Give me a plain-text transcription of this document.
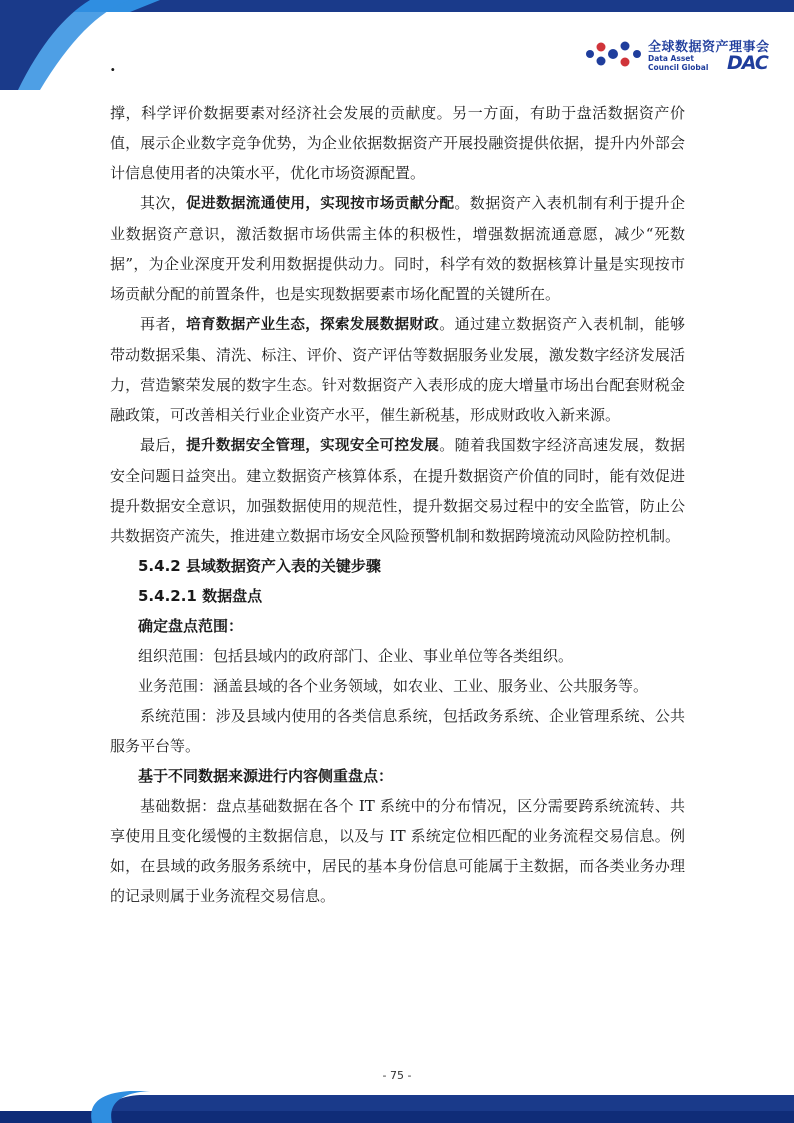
.
全球数据资产理事会
Data Asset
Council Global DAC

撑，科学评价数据要素对经济社会发展的贡献度。另一方面，有助于盘活数据资产价值，展示企业数字竞争优势，为企业依据数据资产开展投融资提供依据，提升内外部会计信息使用者的决策水平，优化市场资源配置。

其次，促进数据流通使用，实现按市场贡献分配。数据资产入表机制有利于提升企业数据资产意识，激活数据市场供需主体的积极性，增强数据流通意愿，减少“死数据”，为企业深度开发利用数据提供动力。同时，科学有效的数据核算计量是实现按市场贡献分配的前置条件，也是实现数据要素市场化配置的关键所在。

再者，培育数据产业生态，探索发展数据财政。通过建立数据资产入表机制，能够带动数据采集、清洗、标注、评价、资产评估等数据服务业发展，激发数字经济发展活力，营造繁荣发展的数字生态。针对数据资产入表形成的庞大增量市场出台配套财税金融政策，可改善相关行业企业资产水平，催生新税基，形成财政收入新来源。

最后，提升数据安全管理，实现安全可控发展。随着我国数字经济高速发展，数据安全问题日益突出。建立数据资产核算体系，在提升数据资产价值的同时，能有效促进提升数据安全意识，加强数据使用的规范性，提升数据交易过程中的安全监管，防止公共数据资产流失，推进建立数据市场安全风险预警机制和数据跨境流动风险防控机制。

5.4.2 县域数据资产入表的关键步骤

5.4.2.1 数据盘点

确定盘点范围：

组织范围：包括县域内的政府部门、企业、事业单位等各类组织。

业务范围：涵盖县域的各个业务领域，如农业、工业、服务业、公共服务等。

系统范围：涉及县域内使用的各类信息系统，包括政务系统、企业管理系统、公共服务平台等。

基于不同数据来源进行内容侧重盘点：

基础数据：盘点基础数据在各个 IT 系统中的分布情况，区分需要跨系统流转、共享使用且变化缓慢的主数据信息，以及与 IT 系统定位相匹配的业务流程交易信息。例如，在县域的政务服务系统中，居民的基本身份信息可能属于主数据，而各类业务办理的记录则属于业务流程交易信息。

- 75 -
